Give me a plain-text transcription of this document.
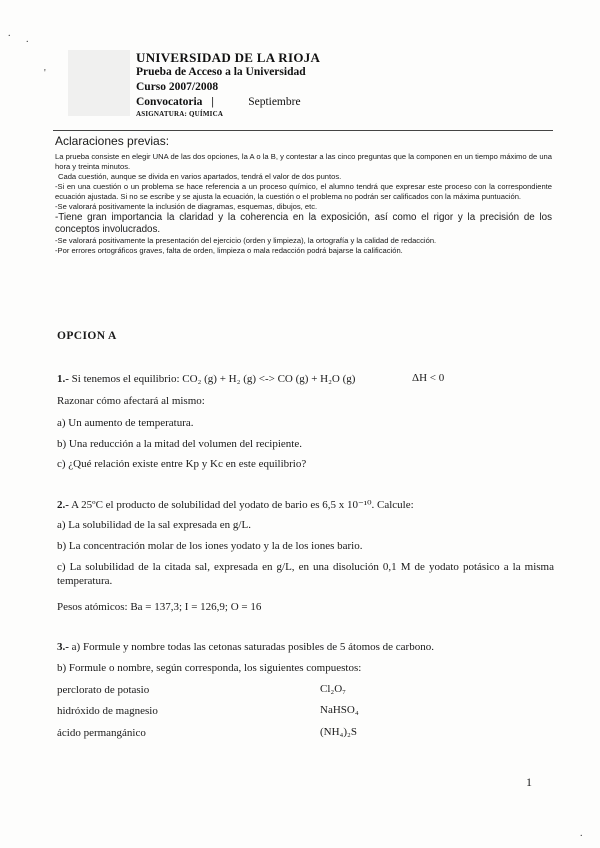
.
.
'
.
UNIVERSIDAD DE LA RIOJA
Prueba de Acceso a la Universidad
Curso 2007/2008
Convocatoria |	Septiembre
ASIGNATURA: QUÍMICA
Aclaraciones previas:

La prueba consiste en elegir UNA de las dos opciones, la A o la B, y contestar a las cinco preguntas que la componen en un tiempo máximo de una hora y treinta minutos.

Cada cuestión, aunque se divida en varios apartados, tendrá el valor de dos puntos.

-Si en una cuestión o un problema se hace referencia a un proceso químico, el alumno tendrá que expresar este proceso con la correspondiente ecuación ajustada. Si no se escribe y se ajusta la ecuación, la cuestión o el problema no podrán ser calificados con la máxima puntuación.

-Se valorará positivamente la inclusión de diagramas, esquemas, dibujos, etc.

-Tiene gran importancia la claridad y la coherencia en la exposición, así como el rigor y la precisión de los conceptos involucrados.

-Se valorará positivamente la presentación del ejercicio (orden y limpieza), la ortografía y la calidad de redacción.

-Por errores ortográficos graves, falta de orden, limpieza o mala redacción podrá bajarse la calificación.

OPCION A
1.- Si tenemos el equilibrio: CO₂ (g) + H₂ (g) <-> CO (g) + H₂O (g)	ΔH < 0
Razonar cómo afectará al mismo:
a) Un aumento de temperatura.
b) Una reducción a la mitad del volumen del recipiente.
c) ¿Qué relación existe entre Kp y Kc en este equilibrio?
2.- A 25ºC el producto de solubilidad del yodato de bario es 6,5 x 10⁻¹⁰. Calcule:
a) La solubilidad de la sal expresada en g/L.
b) La concentración molar de los iones yodato y la de los iones bario.
c) La solubilidad de la citada sal, expresada en g/L, en una disolución 0,1 M de yodato potásico a la misma temperatura.
Pesos atómicos: Ba = 137,3; I = 126,9; O = 16
3.- a) Formule y nombre todas las cetonas saturadas posibles de 5 átomos de carbono.
b) Formule o nombre, según corresponda, los siguientes compuestos:
perclorato de potasio
hidróxido de magnesio
ácido permangánico
Cl₂O₇
NaHSO₄
(NH₄)₂S
1
